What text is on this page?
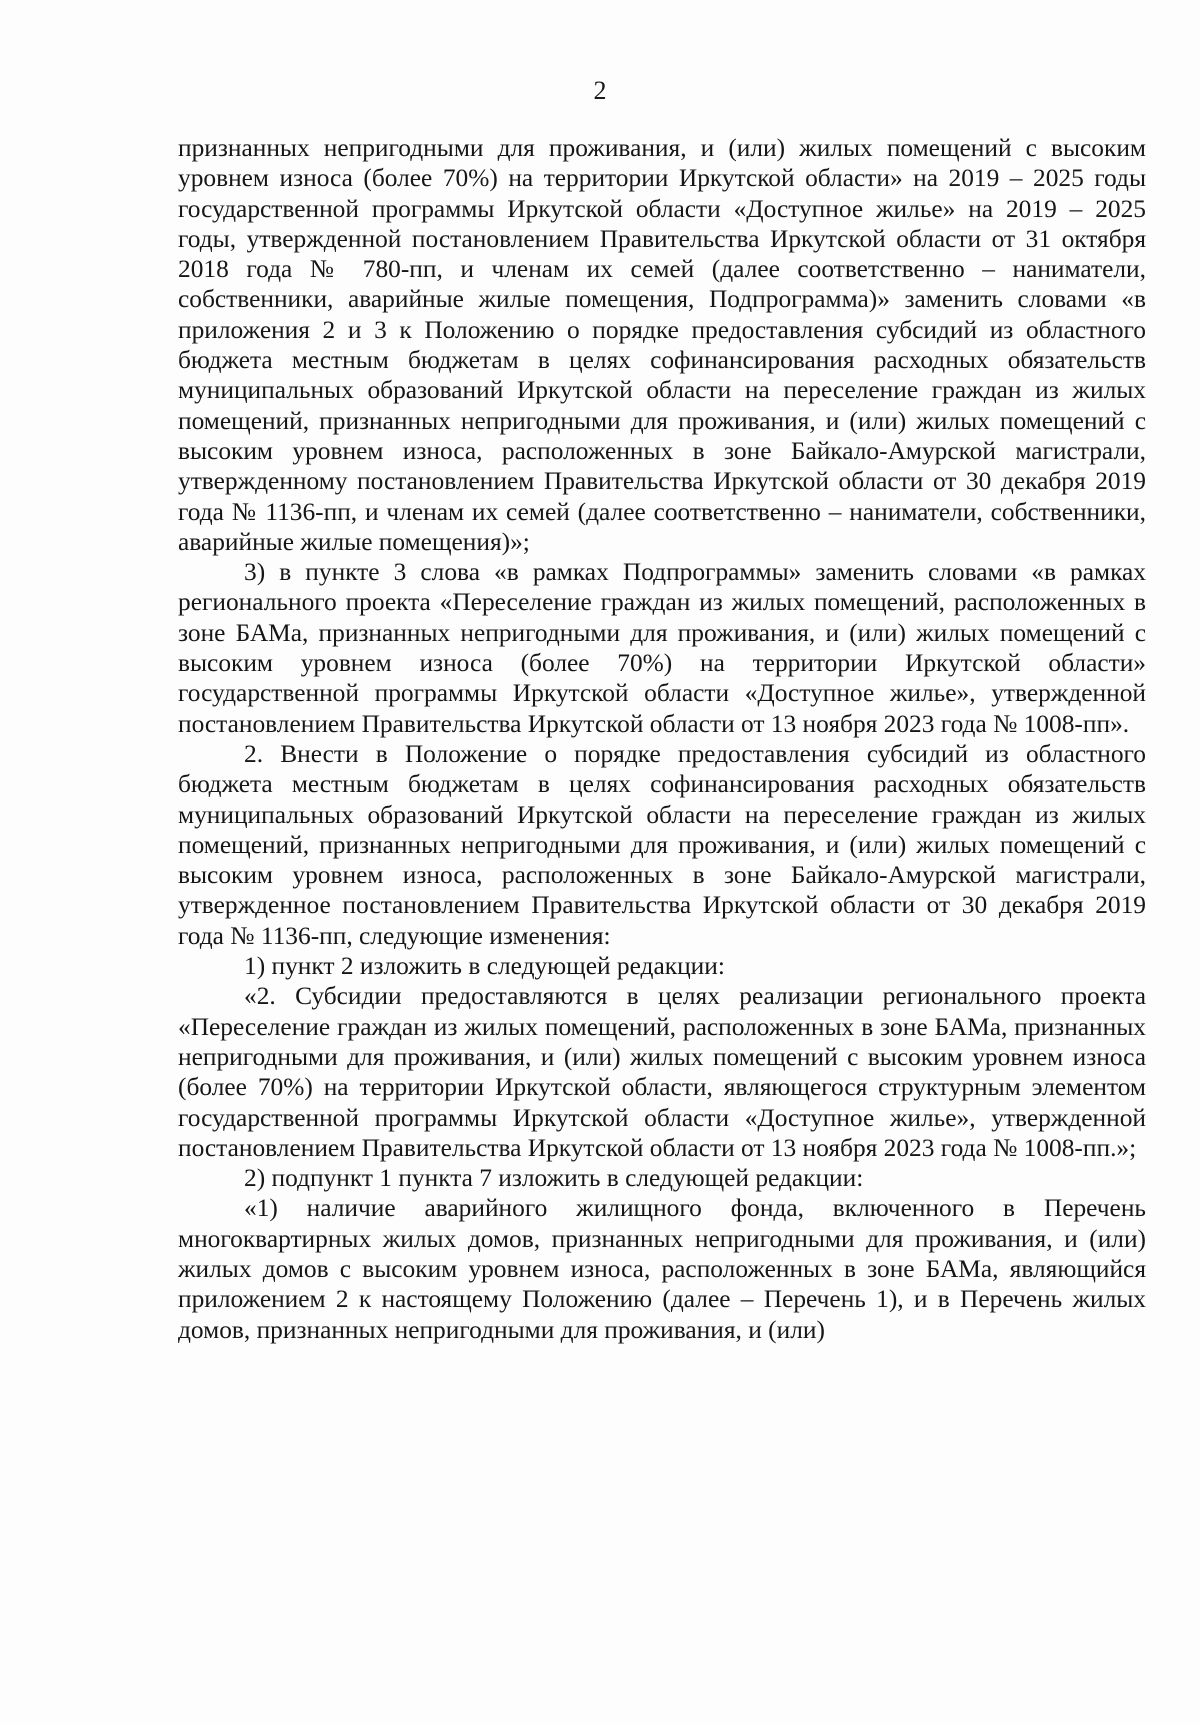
2

признанных непригодными для проживания, и (или) жилых помещений с высоким уровнем износа (более 70%) на территории Иркутской области» на 2019 – 2025 годы государственной программы Иркутской области «Доступное жилье» на 2019 – 2025 годы, утвержденной постановлением Правительства Иркутской области от 31 октября 2018 года № 780-пп, и членам их семей (далее соответственно – наниматели, собственники, аварийные жилые помещения, Подпрограмма)» заменить словами «в приложения 2 и 3 к Положению о порядке предоставления субсидий из областного бюджета местным бюджетам в целях софинансирования расходных обязательств муниципальных образований Иркутской области на переселение граждан из жилых помещений, признанных непригодными для проживания, и (или) жилых помещений с высоким уровнем износа, расположенных в зоне Байкало-Амурской магистрали, утвержденному постановлением Правительства Иркутской области от 30 декабря 2019 года № 1136-пп, и членам их семей (далее соответственно – наниматели, собственники, аварийные жилые помещения)»;

3) в пункте 3 слова «в рамках Подпрограммы» заменить словами «в рамках регионального проекта «Переселение граждан из жилых помещений, расположенных в зоне БАМа, признанных непригодными для проживания, и (или) жилых помещений с высоким уровнем износа (более 70%) на территории Иркутской области» государственной программы Иркутской области «Доступное жилье», утвержденной постановлением Правительства Иркутской области от 13 ноября 2023 года № 1008-пп».

2. Внести в Положение о порядке предоставления субсидий из областного бюджета местным бюджетам в целях софинансирования расходных обязательств муниципальных образований Иркутской области на переселение граждан из жилых помещений, признанных непригодными для проживания, и (или) жилых помещений с высоким уровнем износа, расположенных в зоне Байкало-Амурской магистрали, утвержденное постановлением Правительства Иркутской области от 30 декабря 2019 года № 1136-пп, следующие изменения:

1) пункт 2 изложить в следующей редакции:

«2. Субсидии предоставляются в целях реализации регионального проекта «Переселение граждан из жилых помещений, расположенных в зоне БАМа, признанных непригодными для проживания, и (или) жилых помещений с высоким уровнем износа (более 70%) на территории Иркутской области, являющегося структурным элементом государственной программы Иркутской области «Доступное жилье», утвержденной постановлением Правительства Иркутской области от 13 ноября 2023 года № 1008-пп.»;

2) подпункт 1 пункта 7 изложить в следующей редакции:

«1) наличие аварийного жилищного фонда, включенного в Перечень многоквартирных жилых домов, признанных непригодными для проживания, и (или) жилых домов с высоким уровнем износа, расположенных в зоне БАМа, являющийся приложением 2 к настоящему Положению (далее – Перечень 1), и в Перечень жилых домов, признанных непригодными для проживания, и (или)
